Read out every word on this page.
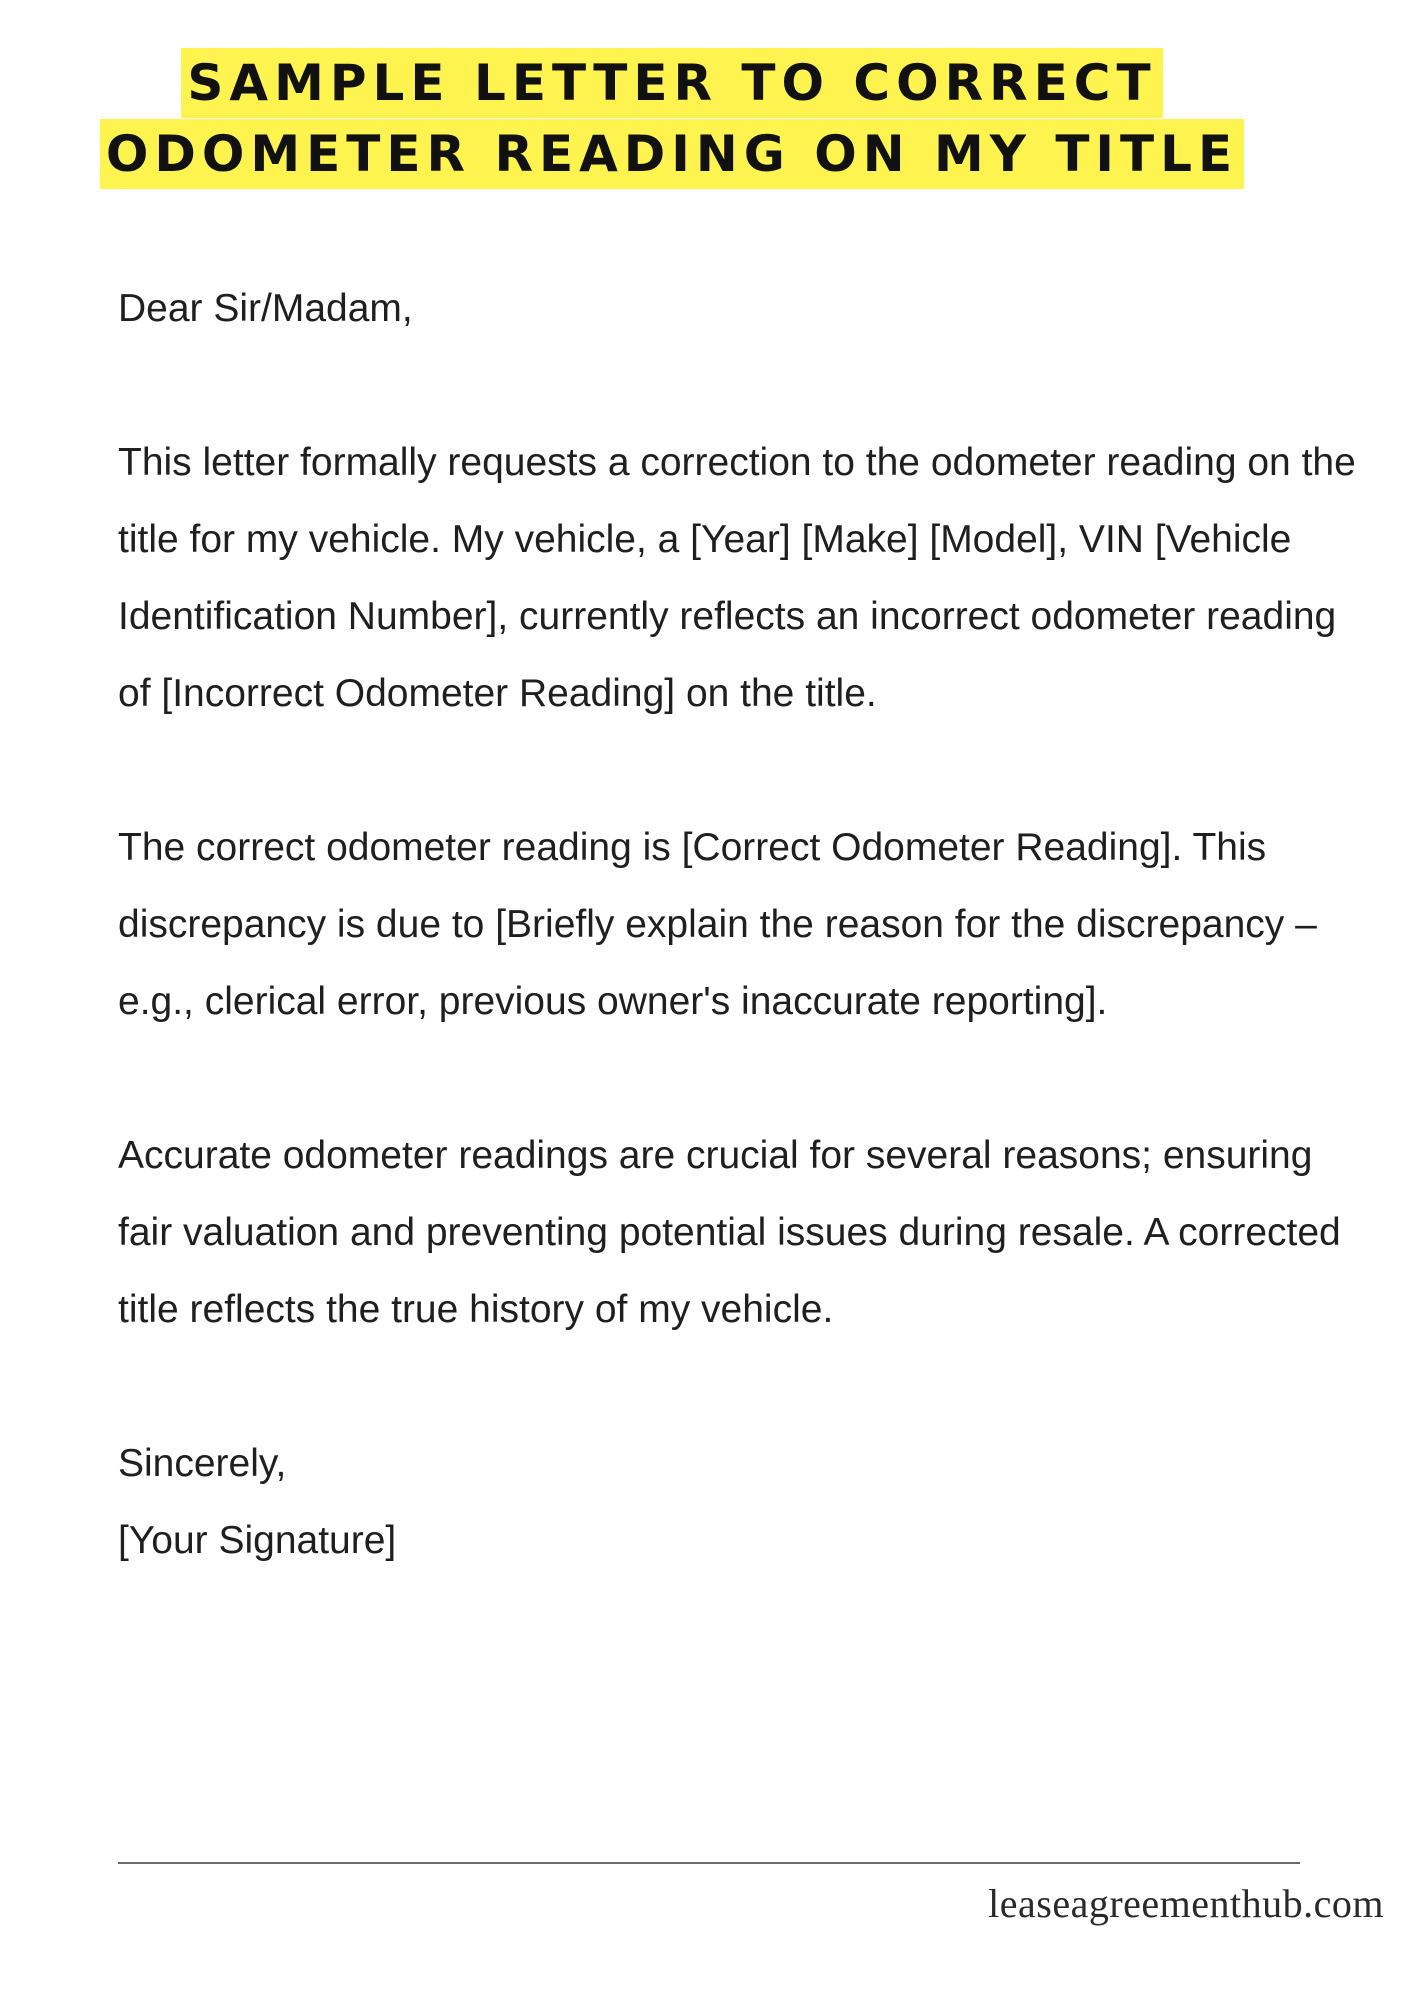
SAMPLE LETTER TO CORRECT
ODOMETER READING ON MY TITLE

Dear Sir/Madam,

This letter formally requests a correction to the odometer reading on the title for my vehicle. My vehicle, a [Year] [Make] [Model], VIN [Vehicle Identification Number], currently reflects an incorrect odometer reading of [Incorrect Odometer Reading] on the title.

The correct odometer reading is [Correct Odometer Reading]. This discrepancy is due to [Briefly explain the reason for the discrepancy – e.g., clerical error, previous owner's inaccurate reporting].

Accurate odometer readings are crucial for several reasons; ensuring fair valuation and preventing potential issues during resale. A corrected title reflects the true history of my vehicle.

Sincerely,

[Your Signature]

leaseagreementhub.com
